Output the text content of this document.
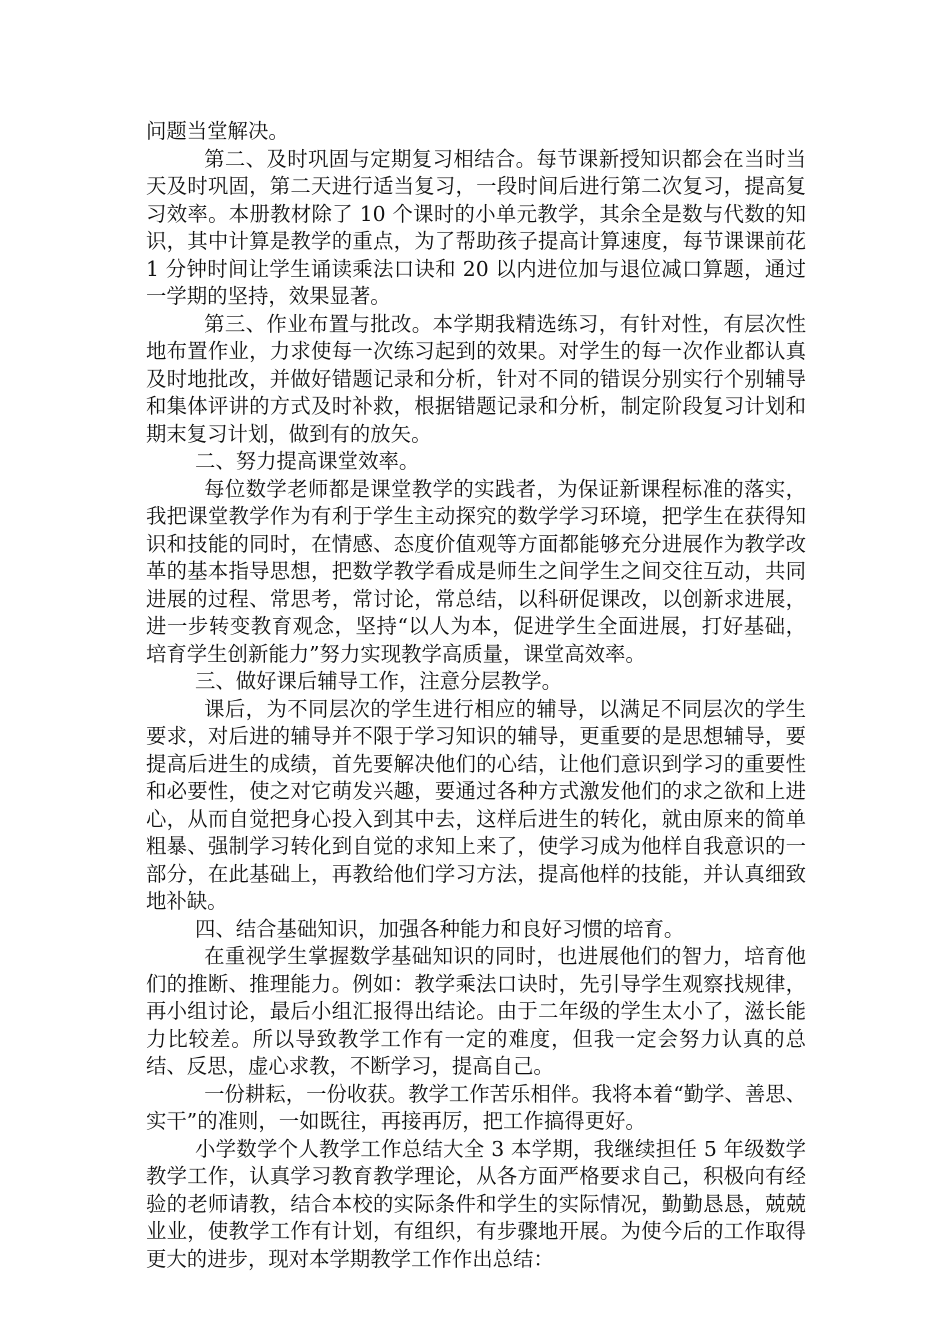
问题当堂解决。

第二、及时巩固与定期复习相结合。每节课新授知识都会在当时当天及时巩固，第二天进行适当复习，一段时间后进行第二次复习，提高复习效率。本册教材除了 10 个课时的小单元教学，其余全是数与代数的知识，其中计算是教学的重点，为了帮助孩子提高计算速度，每节课课前花 1 分钟时间让学生诵读乘法口诀和 20 以内进位加与退位减口算题，通过一学期的坚持，效果显著。

第三、作业布置与批改。本学期我精选练习，有针对性，有层次性地布置作业，力求使每一次练习起到的效果。对学生的每一次作业都认真及时地批改，并做好错题记录和分析，针对不同的错误分别实行个别辅导和集体评讲的方式及时补救，根据错题记录和分析，制定阶段复习计划和期末复习计划，做到有的放矢。

二、努力提高课堂效率。

每位数学老师都是课堂教学的实践者，为保证新课程标准的落实，我把课堂教学作为有利于学生主动探究的数学学习环境，把学生在获得知识和技能的同时，在情感、态度价值观等方面都能够充分进展作为教学改革的基本指导思想，把数学教学看成是师生之间学生之间交往互动，共同进展的过程、常思考，常讨论，常总结，以科研促课改，以创新求进展，进一步转变教育观念，坚持“以人为本，促进学生全面进展，打好基础，培育学生创新能力”努力实现教学高质量，课堂高效率。

三、做好课后辅导工作，注意分层教学。

课后，为不同层次的学生进行相应的辅导，以满足不同层次的学生要求，对后进的辅导并不限于学习知识的辅导，更重要的是思想辅导，要提高后进生的成绩，首先要解决他们的心结，让他们意识到学习的重要性和必要性，使之对它萌发兴趣，要通过各种方式激发他们的求之欲和上进心，从而自觉把身心投入到其中去，这样后进生的转化，就由原来的简单粗暴、强制学习转化到自觉的求知上来了，使学习成为他样自我意识的一部分，在此基础上，再教给他们学习方法，提高他样的技能，并认真细致地补缺。

四、结合基础知识，加强各种能力和良好习惯的培育。

在重视学生掌握数学基础知识的同时，也进展他们的智力，培育他们的推断、推理能力。例如：教学乘法口诀时，先引导学生观察找规律，再小组讨论，最后小组汇报得出结论。由于二年级的学生太小了，滋长能力比较差。所以导致教学工作有一定的难度，但我一定会努力认真的总结、反思，虚心求教，不断学习，提高自己。

一份耕耘，一份收获。教学工作苦乐相伴。我将本着“勤学、善思、实干”的准则，一如既往，再接再厉，把工作搞得更好。

小学数学个人教学工作总结大全 3 本学期，我继续担任 5 年级数学教学工作，认真学习教育教学理论，从各方面严格要求自己，积极向有经验的老师请教，结合本校的实际条件和学生的实际情况，勤勤恳恳，兢兢业业，使教学工作有计划，有组织，有步骤地开展。为使今后的工作取得更大的进步，现对本学期教学工作作出总结：
